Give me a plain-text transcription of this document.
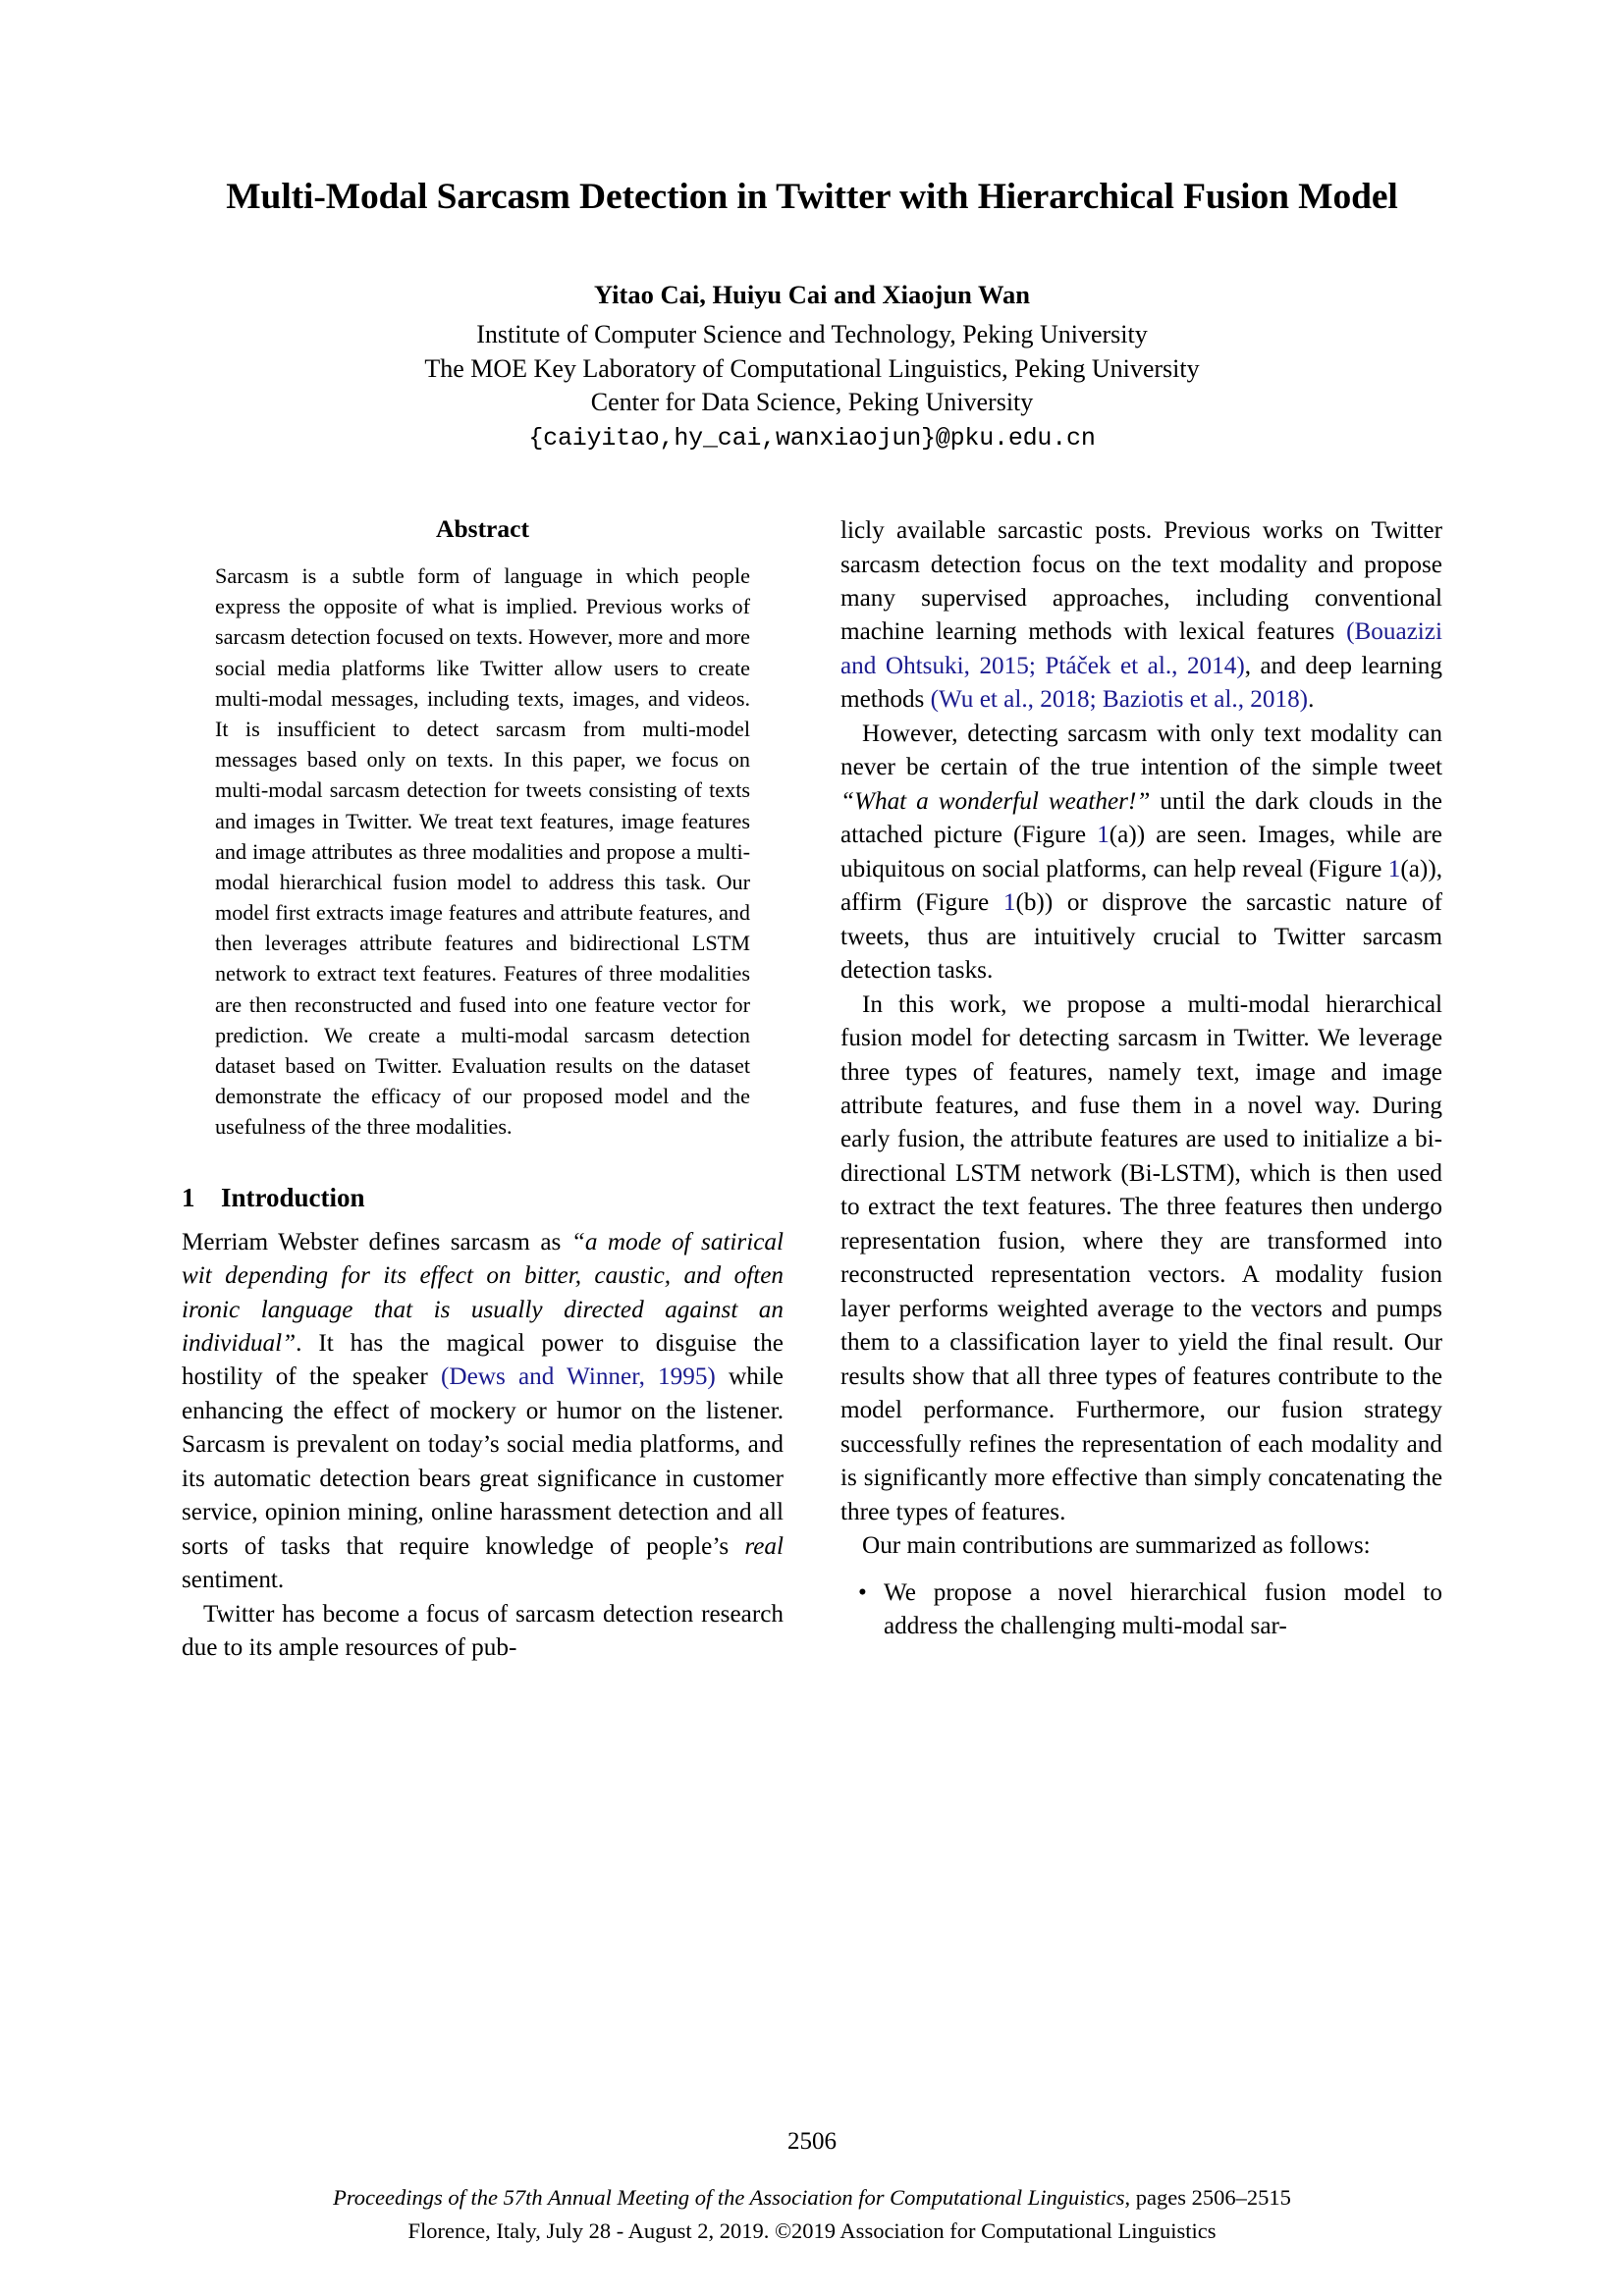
Multi-Modal Sarcasm Detection in Twitter with Hierarchical Fusion Model
Yitao Cai, Huiyu Cai and Xiaojun Wan
Institute of Computer Science and Technology, Peking University
The MOE Key Laboratory of Computational Linguistics, Peking University
Center for Data Science, Peking University
{caiyitao,hy_cai,wanxiaojun}@pku.edu.cn
Abstract
Sarcasm is a subtle form of language in which people express the opposite of what is implied. Previous works of sarcasm detection focused on texts. However, more and more social media platforms like Twitter allow users to create multi-modal messages, including texts, images, and videos. It is insufficient to detect sarcasm from multi-model messages based only on texts. In this paper, we focus on multi-modal sarcasm detection for tweets consisting of texts and images in Twitter. We treat text features, image features and image attributes as three modalities and propose a multi-modal hierarchical fusion model to address this task. Our model first extracts image features and attribute features, and then leverages attribute features and bidirectional LSTM network to extract text features. Features of three modalities are then reconstructed and fused into one feature vector for prediction. We create a multi-modal sarcasm detection dataset based on Twitter. Evaluation results on the dataset demonstrate the efficacy of our proposed model and the usefulness of the three modalities.
1 Introduction

Merriam Webster defines sarcasm as “a mode of satirical wit depending for its effect on bitter, caustic, and often ironic language that is usually directed against an individual”. It has the magical power to disguise the hostility of the speaker (Dews and Winner, 1995) while enhancing the effect of mockery or humor on the listener. Sarcasm is prevalent on today’s social media platforms, and its automatic detection bears great significance in customer service, opinion mining, online harassment detection and all sorts of tasks that require knowledge of people’s real sentiment.

Twitter has become a focus of sarcasm detection research due to its ample resources of pub-

licly available sarcastic posts. Previous works on Twitter sarcasm detection focus on the text modality and propose many supervised approaches, including conventional machine learning methods with lexical features (Bouazizi and Ohtsuki, 2015; Ptáček et al., 2014), and deep learning methods (Wu et al., 2018; Baziotis et al., 2018).

However, detecting sarcasm with only text modality can never be certain of the true intention of the simple tweet “What a wonderful weather!” until the dark clouds in the attached picture (Figure 1(a)) are seen. Images, while are ubiquitous on social platforms, can help reveal (Figure 1(a)), affirm (Figure 1(b)) or disprove the sarcastic nature of tweets, thus are intuitively crucial to Twitter sarcasm detection tasks.

In this work, we propose a multi-modal hierarchical fusion model for detecting sarcasm in Twitter. We leverage three types of features, namely text, image and image attribute features, and fuse them in a novel way. During early fusion, the attribute features are used to initialize a bi-directional LSTM network (Bi-LSTM), which is then used to extract the text features. The three features then undergo representation fusion, where they are transformed into reconstructed representation vectors. A modality fusion layer performs weighted average to the vectors and pumps them to a classification layer to yield the final result. Our results show that all three types of features contribute to the model performance. Furthermore, our fusion strategy successfully refines the representation of each modality and is significantly more effective than simply concatenating the three types of features.

Our main contributions are summarized as follows:

• We propose a novel hierarchical fusion model to address the challenging multi-modal sar-
2506
Proceedings of the 57th Annual Meeting of the Association for Computational Linguistics, pages 2506–2515
Florence, Italy, July 28 - August 2, 2019. ©2019 Association for Computational Linguistics
